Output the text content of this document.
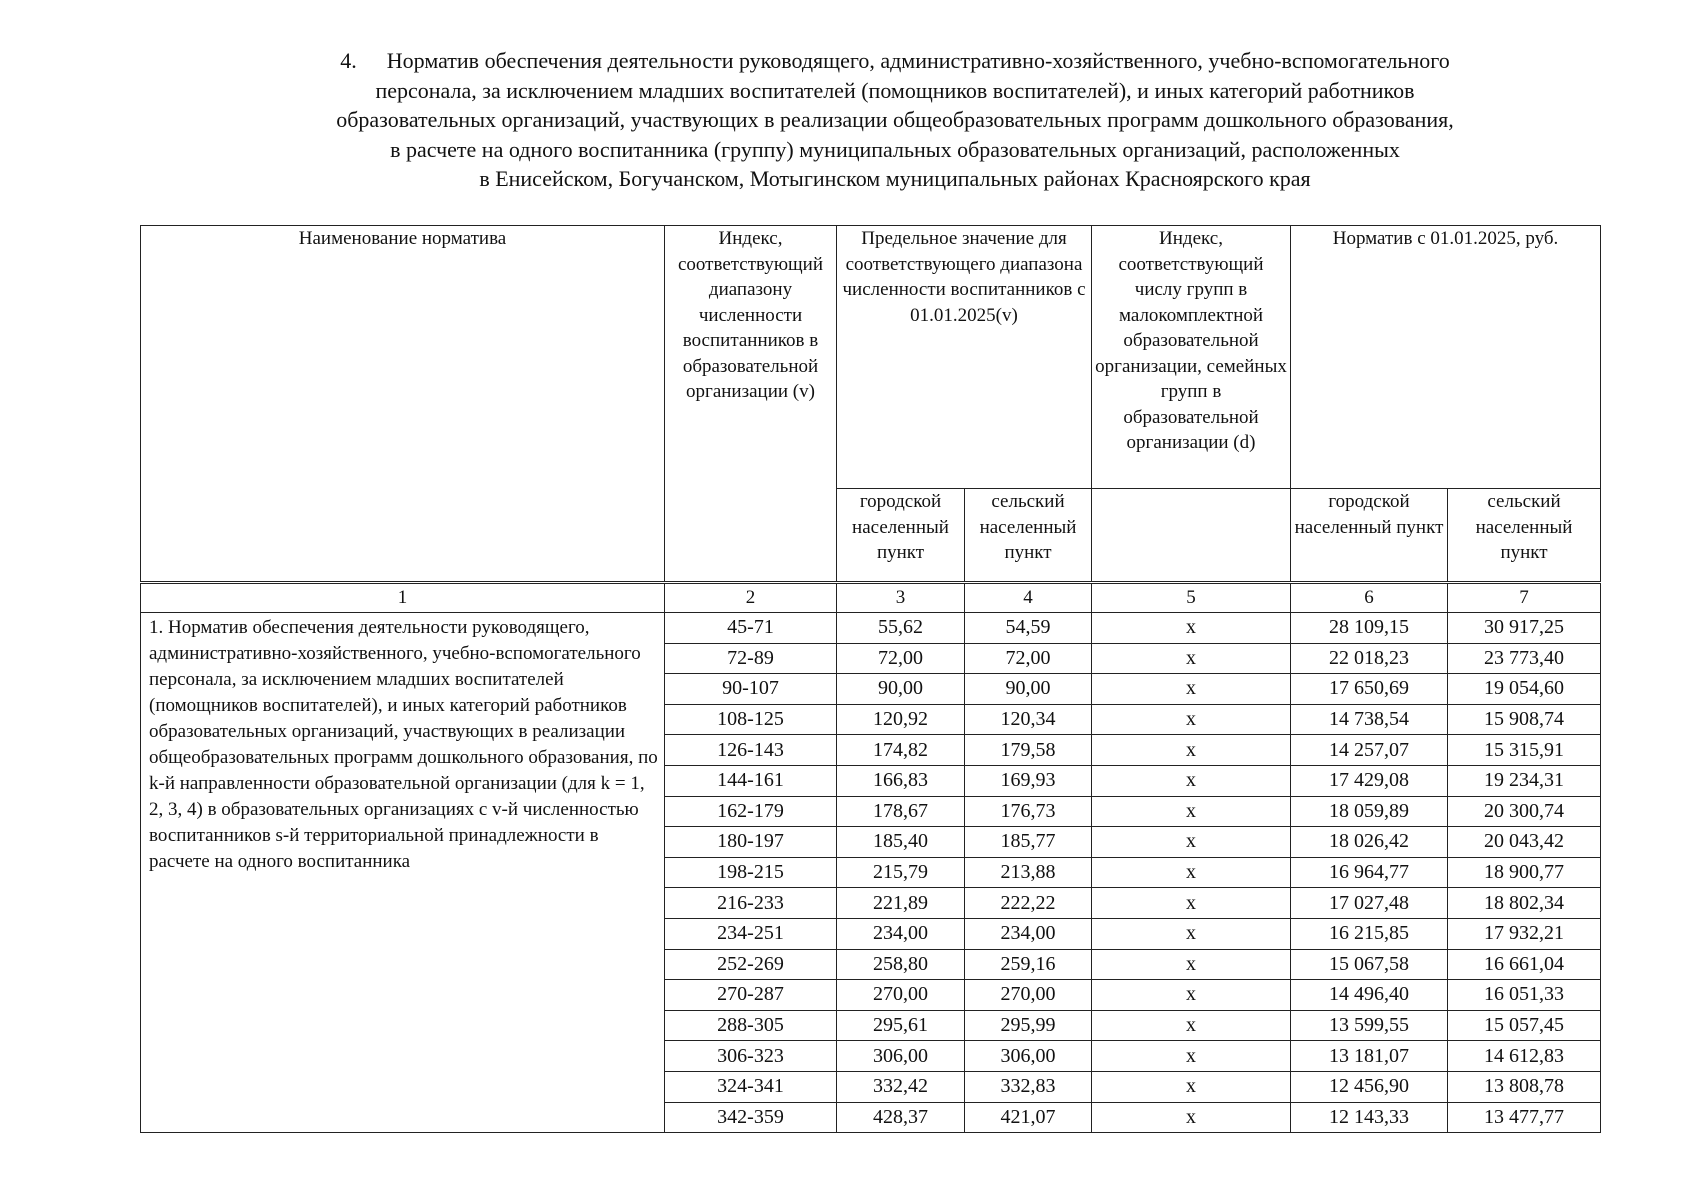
4. Норматив обеспечения деятельности руководящего, административно-хозяйственного, учебно-вспомогательного
персонала, за исключением младших воспитателей (помощников воспитателей), и иных категорий работников
образовательных организаций, участвующих в реализации общеобразовательных программ дошкольного образования,
в расчете на одного воспитанника (группу) муниципальных образовательных организаций, расположенных
в Енисейском, Богучанском, Мотыгинском муниципальных районах Красноярского края
Наименование норматива	Индекс, соответствующий диапазону численности воспитанников в образовательной организации (v)	Предельное значение для соответствующего диапазона численности воспитанников с 01.01.2025(v)		Индекс, соответствующий числу групп в малокомплектной образовательной организации, семейных групп в образовательной организации (d)	Норматив с 01.01.2025, руб.	
		городской населенный пункт	сельский населенный пункт		городской населенный пункт	сельский населенный пункт
1	2	3	4	5	6	7
1. Норматив обеспечения деятельности руководящего, административно-хозяйственного, учебно-вспомогательного персонала, за исключением младших воспитателей (помощников воспитателей), и иных категорий работников образовательных организаций, участвующих в реализации общеобразовательных программ дошкольного образования, по k-й направленности образовательной организации (для k = 1, 2, 3, 4) в образовательных организациях с v-й численностью воспитанников s-й территориальной принадлежности в расчете на одного воспитанника	45-71	55,62	54,59	х	28 109,15	30 917,25
	72-89	72,00	72,00	х	22 018,23	23 773,40
	90-107	90,00	90,00	х	17 650,69	19 054,60
	108-125	120,92	120,34	х	14 738,54	15 908,74
	126-143	174,82	179,58	х	14 257,07	15 315,91
	144-161	166,83	169,93	х	17 429,08	19 234,31
	162-179	178,67	176,73	х	18 059,89	20 300,74
	180-197	185,40	185,77	х	18 026,42	20 043,42
	198-215	215,79	213,88	х	16 964,77	18 900,77
	216-233	221,89	222,22	х	17 027,48	18 802,34
	234-251	234,00	234,00	х	16 215,85	17 932,21
	252-269	258,80	259,16	х	15 067,58	16 661,04
	270-287	270,00	270,00	х	14 496,40	16 051,33
	288-305	295,61	295,99	х	13 599,55	15 057,45
	306-323	306,00	306,00	х	13 181,07	14 612,83
	324-341	332,42	332,83	х	12 456,90	13 808,78
	342-359	428,37	421,07	х	12 143,33	13 477,77
